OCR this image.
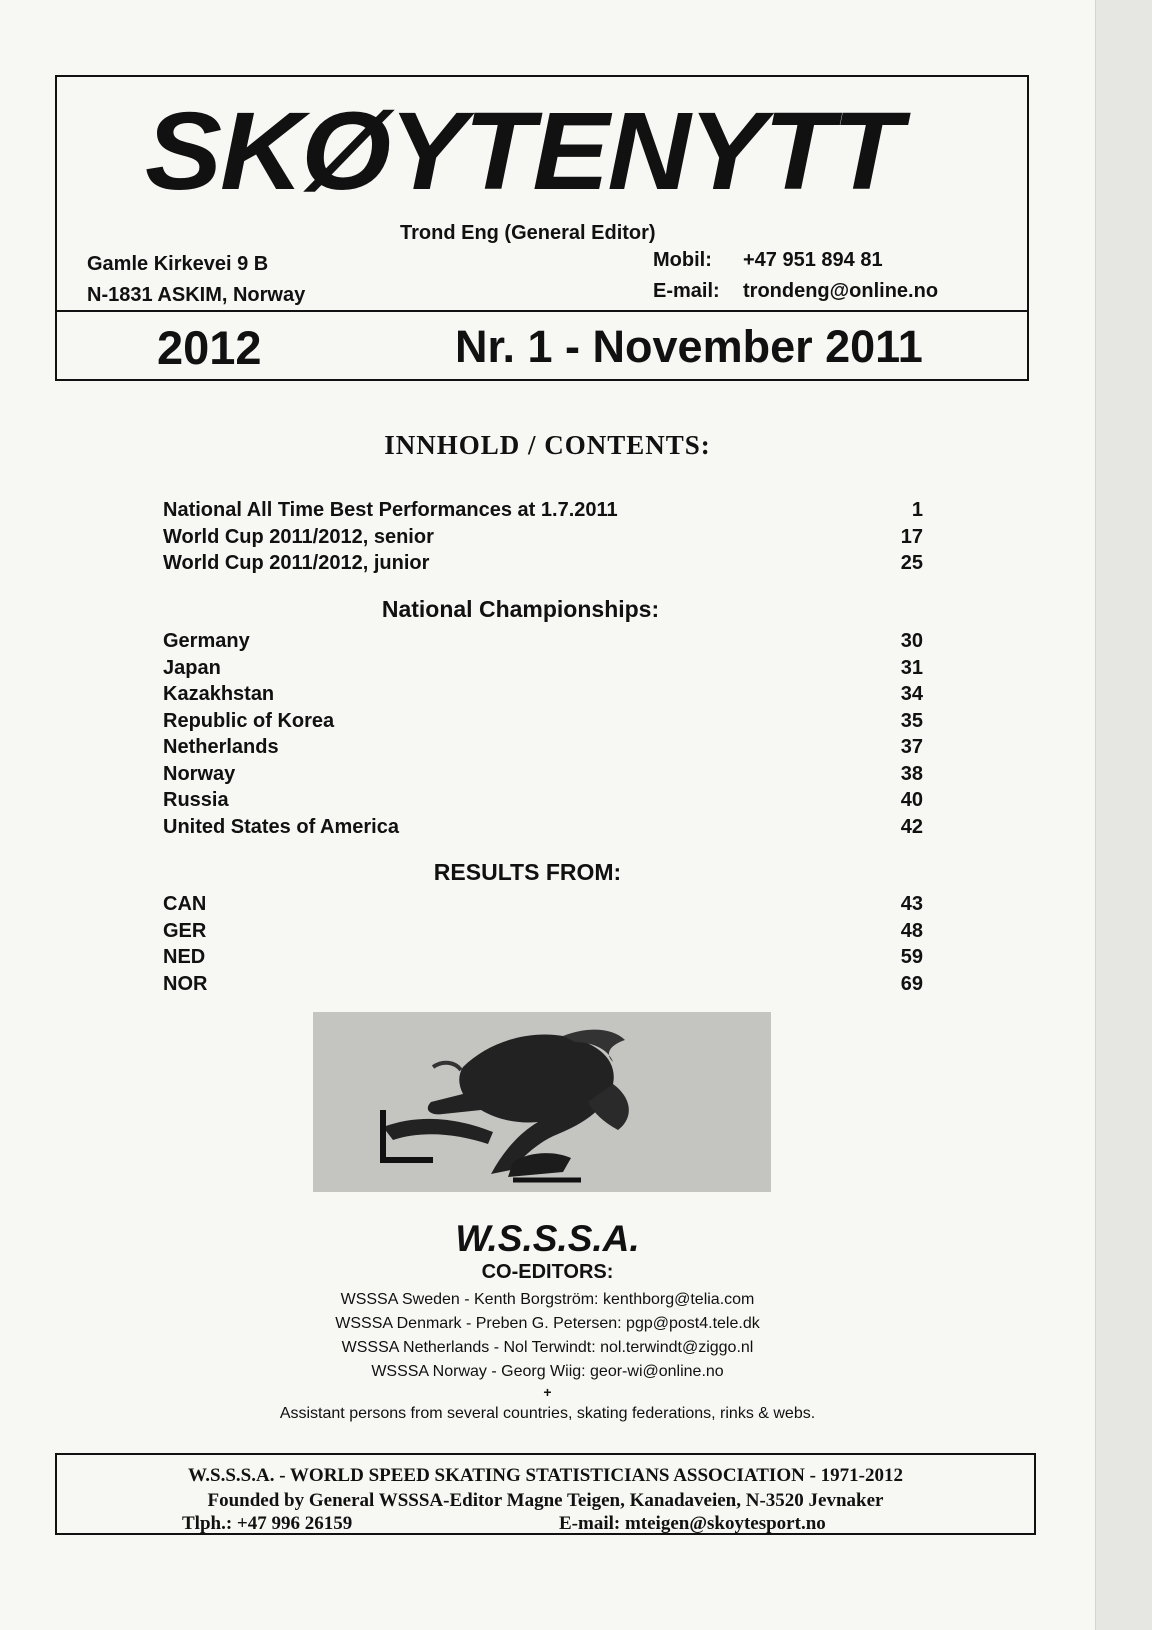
SKØYTENYTT
Trond Eng (General Editor)
Gamle Kirkevei 9 B
N-1831 ASKIM, Norway
Mobil:	+47 951 894 81
E-mail:	trondeng@online.no
2012	Nr. 1 - November 2011
INNHOLD / CONTENTS:
National All Time Best Performances at 1.7.2011	1
World Cup 2011/2012, senior	17
World Cup 2011/2012, junior	25
National Championships:
Germany	30
Japan	31
Kazakhstan	34
Republic of Korea	35
Netherlands	37
Norway	38
Russia	40
United States of America	42
RESULTS FROM:
CAN	43
GER	48
NED	59
NOR	69
W.S.S.S.A.
CO-EDITORS:
WSSSA Sweden - Kenth Borgström: kenthborg@telia.com
WSSSA Denmark - Preben G. Petersen: pgp@post4.tele.dk
WSSSA Netherlands - Nol Terwindt: nol.terwindt@ziggo.nl
WSSSA Norway - Georg Wiig: geor-wi@online.no
+
Assistant persons from several countries, skating federations, rinks & webs.
W.S.S.S.A. - WORLD SPEED SKATING STATISTICIANS ASSOCIATION - 1971-2012
Founded by General WSSSA-Editor Magne Teigen, Kanadaveien, N-3520 Jevnaker
Tlph.: +47 996 26159	E-mail: mteigen@skoytesport.no
